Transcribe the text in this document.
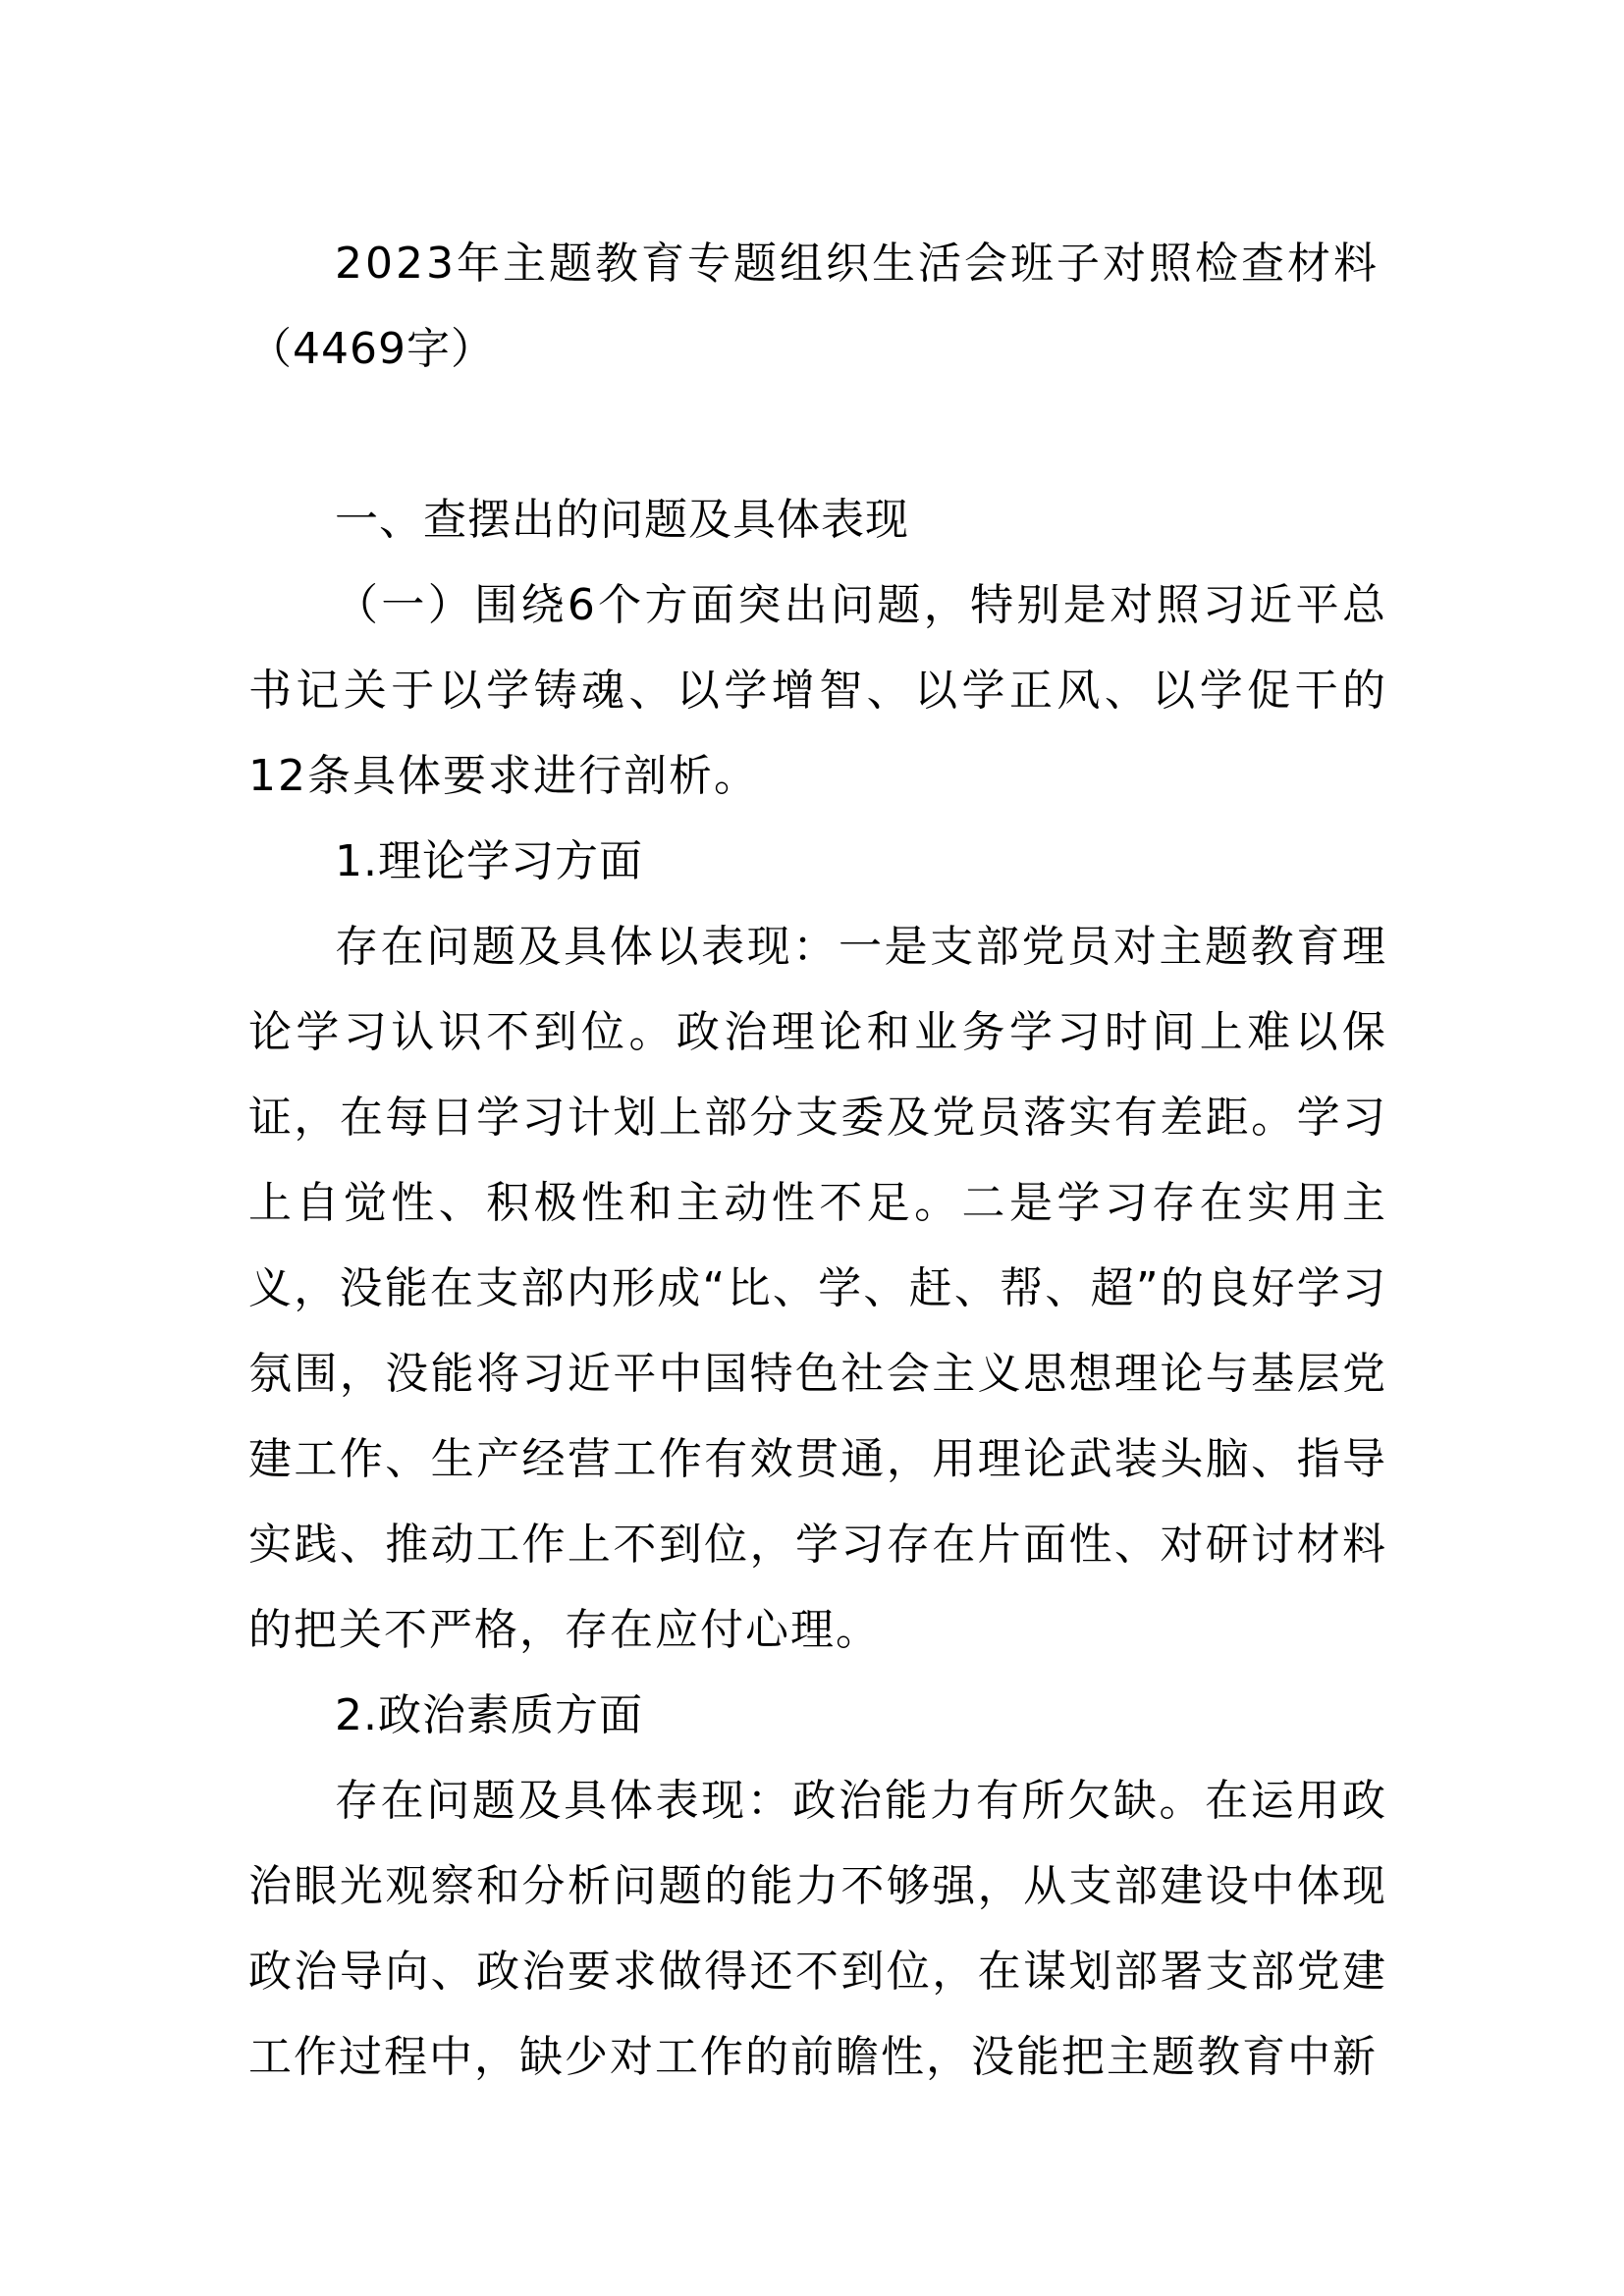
2023年主题教育专题组织生活会班子对照检查材料
（4469字）

一、查摆出的问题及具体表现

（一）围绕6个方面突出问题，特别是对照习近平总书记关于以学铸魂、以学增智、以学正风、以学促干的12条具体要求进行剖析。

1.理论学习方面

存在问题及具体以表现：一是支部党员对主题教育理论学习认识不到位。政治理论和业务学习时间上难以保证，在每日学习计划上部分支委及党员落实有差距。学习上自觉性、积极性和主动性不足。二是学习存在实用主义，没能在支部内形成“比、学、赶、帮、超”的良好学习氛围，没能将习近平中国特色社会主义思想理论与基层党建工作、生产经营工作有效贯通，用理论武装头脑、指导实践、推动工作上不到位，学习存在片面性、对研讨材料的把关不严格，存在应付心理。

2.政治素质方面

存在问题及具体表现：政治能力有所欠缺。在运用政治眼光观察和分析问题的能力不够强，从支部建设中体现政治导向、政治要求做得还不到位，在谋划部署支部党建工作过程中，缺少对工作的前瞻性，没能把主题教育中新
